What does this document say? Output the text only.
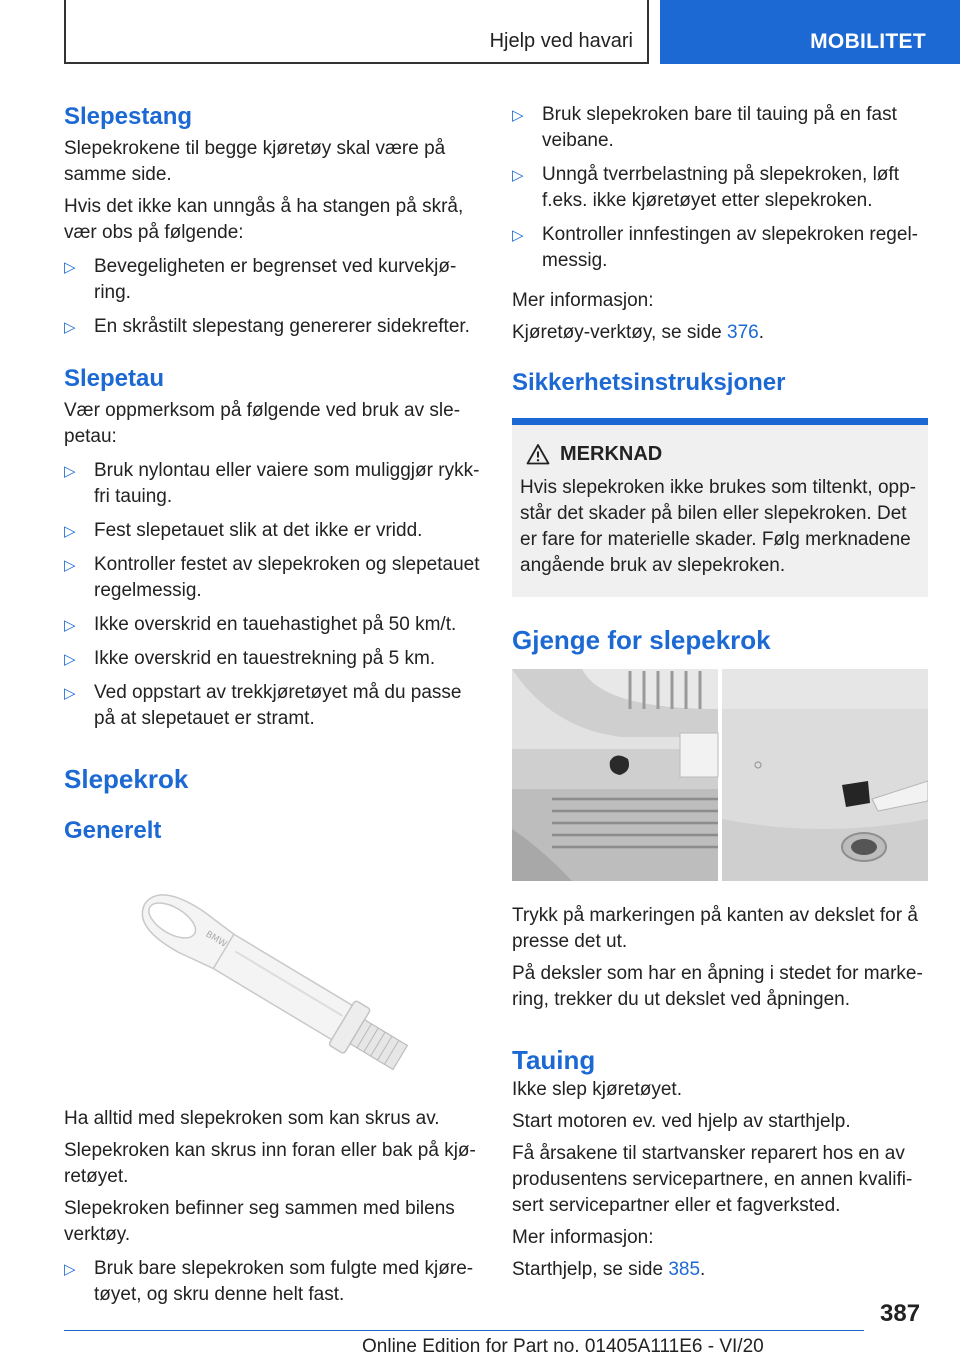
Hjelp ved havari	MOBILITET
Slepestang

Slepekrokene til begge kjøretøy skal være på samme side.

Hvis det ikke kan unngås å ha stangen på skrå, vær obs på følgende:

▷ Bevegeligheten er begrenset ved kurvekjøring.
▷ En skråstilt slepestang genererer sidekrefter.
Slepetau

Vær oppmerksom på følgende ved bruk av slepetau:

▷ Bruk nylontau eller vaiere som muliggjør rykkfri tauing.
▷ Fest slepetauet slik at det ikke er vridd.
▷ Kontroller festet av slepekroken og slepetauet regelmessig.
▷ Ikke overskrid en tauehastighet på 50 km/t.
▷ Ikke overskrid en tauestrekning på 5 km.
▷ Ved oppstart av trekkjøretøyet må du passe på at slepetauet er stramt.
Slepekrok
Generelt
BMW

Ha alltid med slepekroken som kan skrus av.

Slepekroken kan skrus inn foran eller bak på kjøretøyet.

Slepekroken befinner seg sammen med bilens verktøy.

▷ Bruk bare slepekroken som fulgte med kjøretøyet, og skru denne helt fast.
▷ Bruk slepekroken bare til tauing på en fast veibane.
▷ Unngå tverrbelastning på slepekroken, løft f.eks. ikke kjøretøyet etter slepekroken.
▷ Kontroller innfestingen av slepekroken regelmessig.

Mer informasjon:

Kjøretøy-verktøy, se side 376.

Sikkerhetsinstruksjoner
MERKNAD

Hvis slepekroken ikke brukes som tiltenkt, oppstår det skader på bilen eller slepekroken. Det er fare for materielle skader. Følg merknadene angående bruk av slepekroken.

Gjenge for slepekrok

Trykk på markeringen på kanten av dekslet for å presse det ut.

På deksler som har en åpning i stedet for markering, trekker du ut dekslet ved åpningen.

Tauing

Ikke slep kjøretøyet.

Start motoren ev. ved hjelp av starthjelp.

Få årsakene til startvansker reparert hos en av produsentens servicepartnere, en annen kvalifisert servicepartner eller et fagverksted.

Mer informasjon:

Starthjelp, se side 385.

387
Online Edition for Part no. 01405A111E6 - VI/20
